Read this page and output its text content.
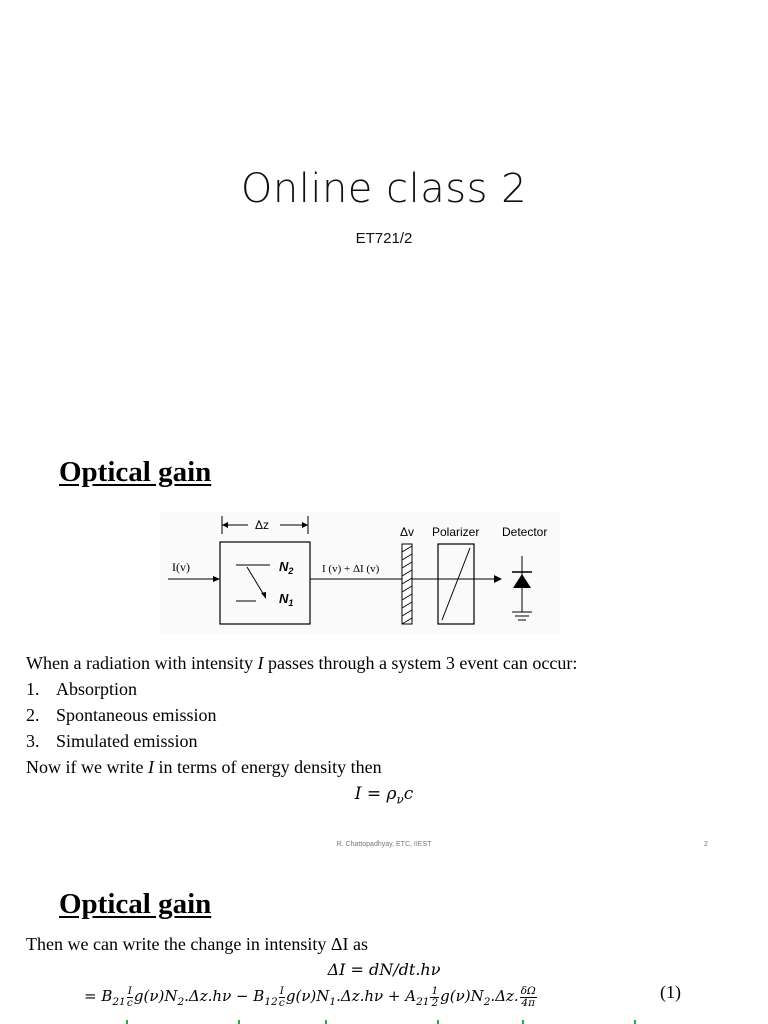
Online class 2
ET721/2
Optical gain
Δz
I(v)	$N_2$
$N_1$
I (v) + ΔI (v)
Δv Polarizer Detector
When a radiation with intensity I passes through a system 3 event can occur:
1. Absorption
2. Spontaneous emission
3. Simulated emission
Now if we write I in terms of energy density then
$I = \rho_\nu c$
R. Chattopadhyay, ETC, IIEST	2
Optical gain
Then we can write the change in intensity ΔI as
ΔI = dN/dt.hν
= $B_{21} \frac{I}{c} g(\nu)N_2.\Delta z.h\nu - B_{12} \frac{I}{c} g(\nu)N_1.\Delta z.h\nu + A_{21} \frac{1}{2} g(\nu)N_2.\Delta z$. $\frac{\delta\Omega}{4\pi}$	(1)
